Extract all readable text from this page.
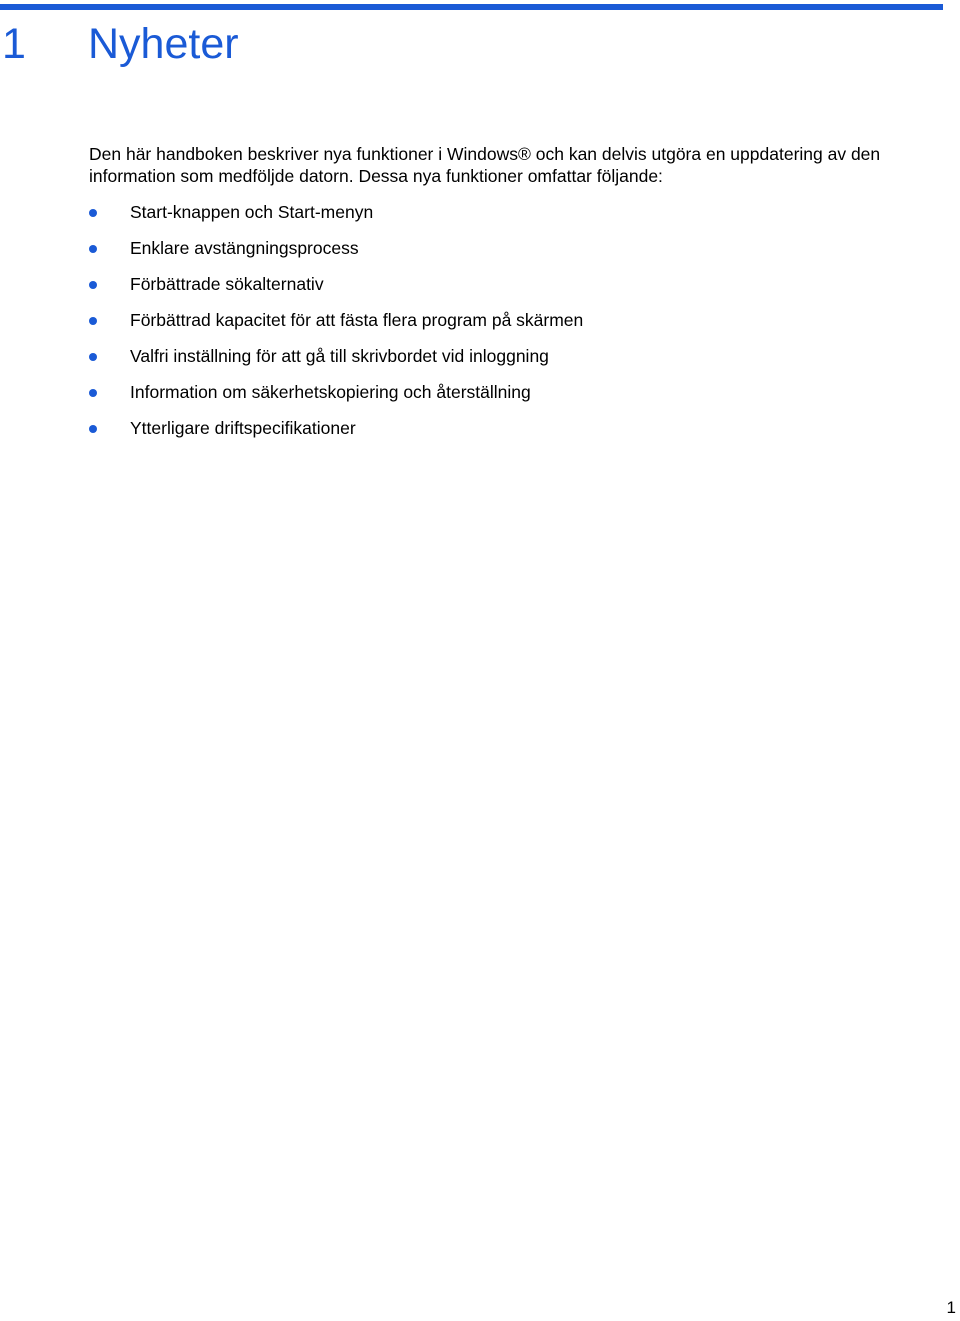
1 Nyheter

Den här handboken beskriver nya funktioner i Windows® och kan delvis utgöra en uppdatering av den information som medföljde datorn. Dessa nya funktioner omfattar följande:

Start-knappen och Start-menyn
Enklare avstängningsprocess
Förbättrade sökalternativ
Förbättrad kapacitet för att fästa flera program på skärmen
Valfri inställning för att gå till skrivbordet vid inloggning
Information om säkerhetskopiering och återställning
Ytterligare driftspecifikationer
1
